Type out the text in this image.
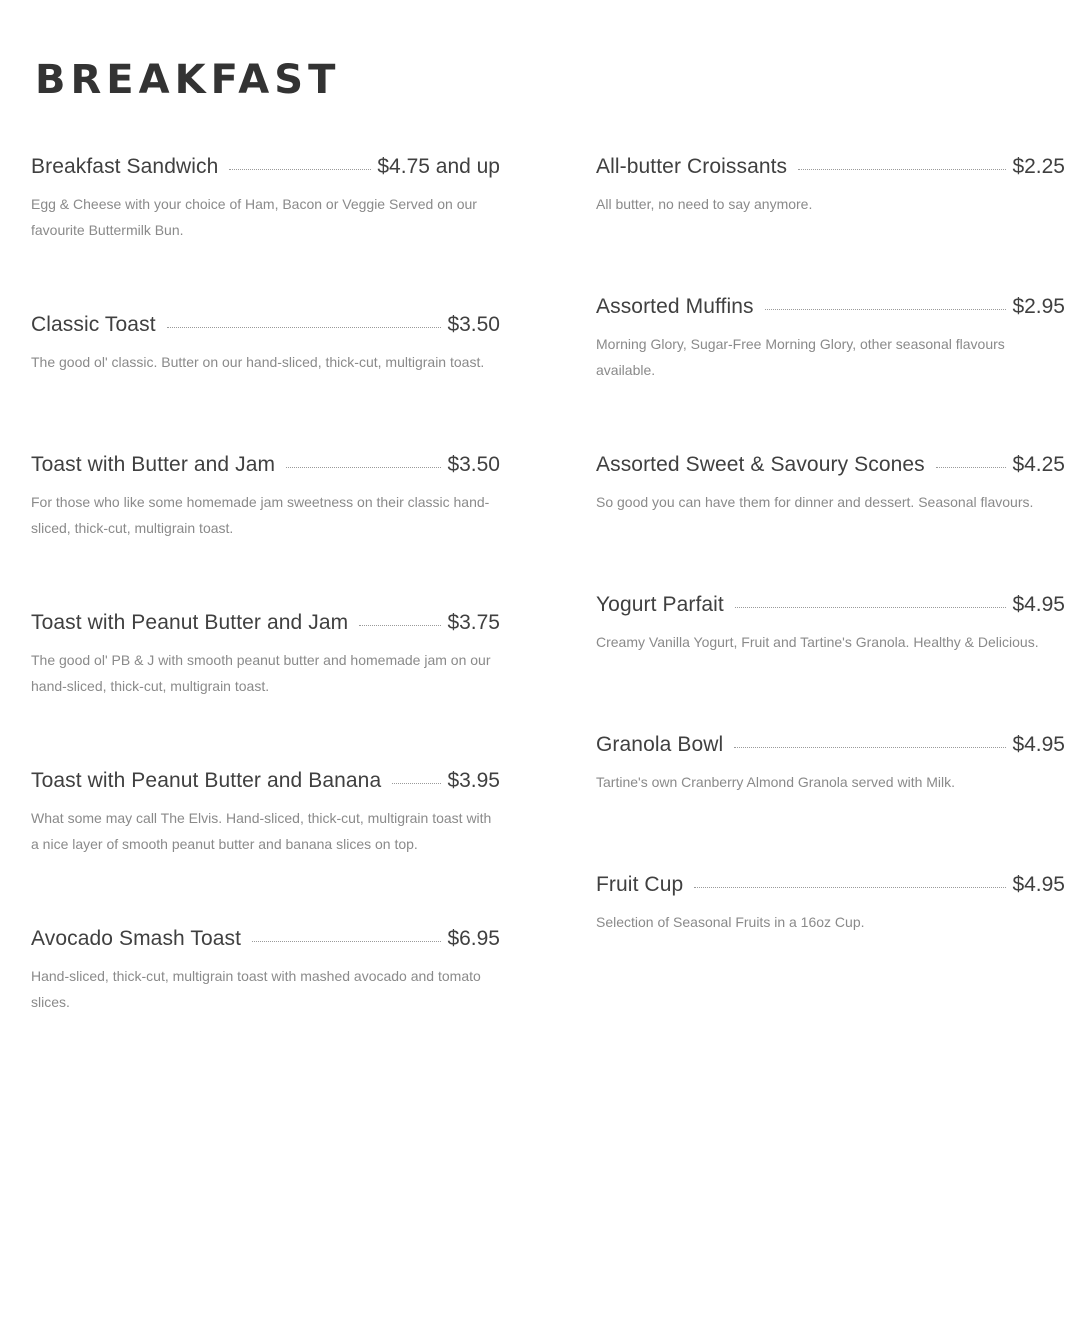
BREAKFAST
Breakfast Sandwich	$4.75 and up
Egg & Cheese with your choice of Ham, Bacon or Veggie Served on our favourite Buttermilk Bun.
Classic Toast	$3.50
The good ol' classic. Butter on our hand-sliced, thick-cut, multigrain toast.
Toast with Butter and Jam	$3.50
For those who like some homemade jam sweetness on their classic hand-sliced, thick-cut, multigrain toast.
Toast with Peanut Butter and Jam	$3.75
The good ol' PB & J with smooth peanut butter and homemade jam on our hand-sliced, thick-cut, multigrain toast.
Toast with Peanut Butter and Banana	$3.95
What some may call The Elvis. Hand-sliced, thick-cut, multigrain toast with a nice layer of smooth peanut butter and banana slices on top.
Avocado Smash Toast	$6.95
Hand-sliced, thick-cut, multigrain toast with mashed avocado and tomato slices.
All-butter Croissants	$2.25
All butter, no need to say anymore.
Assorted Muffins	$2.95
Morning Glory, Sugar-Free Morning Glory, other seasonal flavours available.
Assorted Sweet & Savoury Scones	$4.25
So good you can have them for dinner and dessert. Seasonal flavours.
Yogurt Parfait	$4.95
Creamy Vanilla Yogurt, Fruit and Tartine's Granola. Healthy & Delicious.
Granola Bowl	$4.95
Tartine's own Cranberry Almond Granola served with Milk.
Fruit Cup	$4.95
Selection of Seasonal Fruits in a 16oz Cup.
